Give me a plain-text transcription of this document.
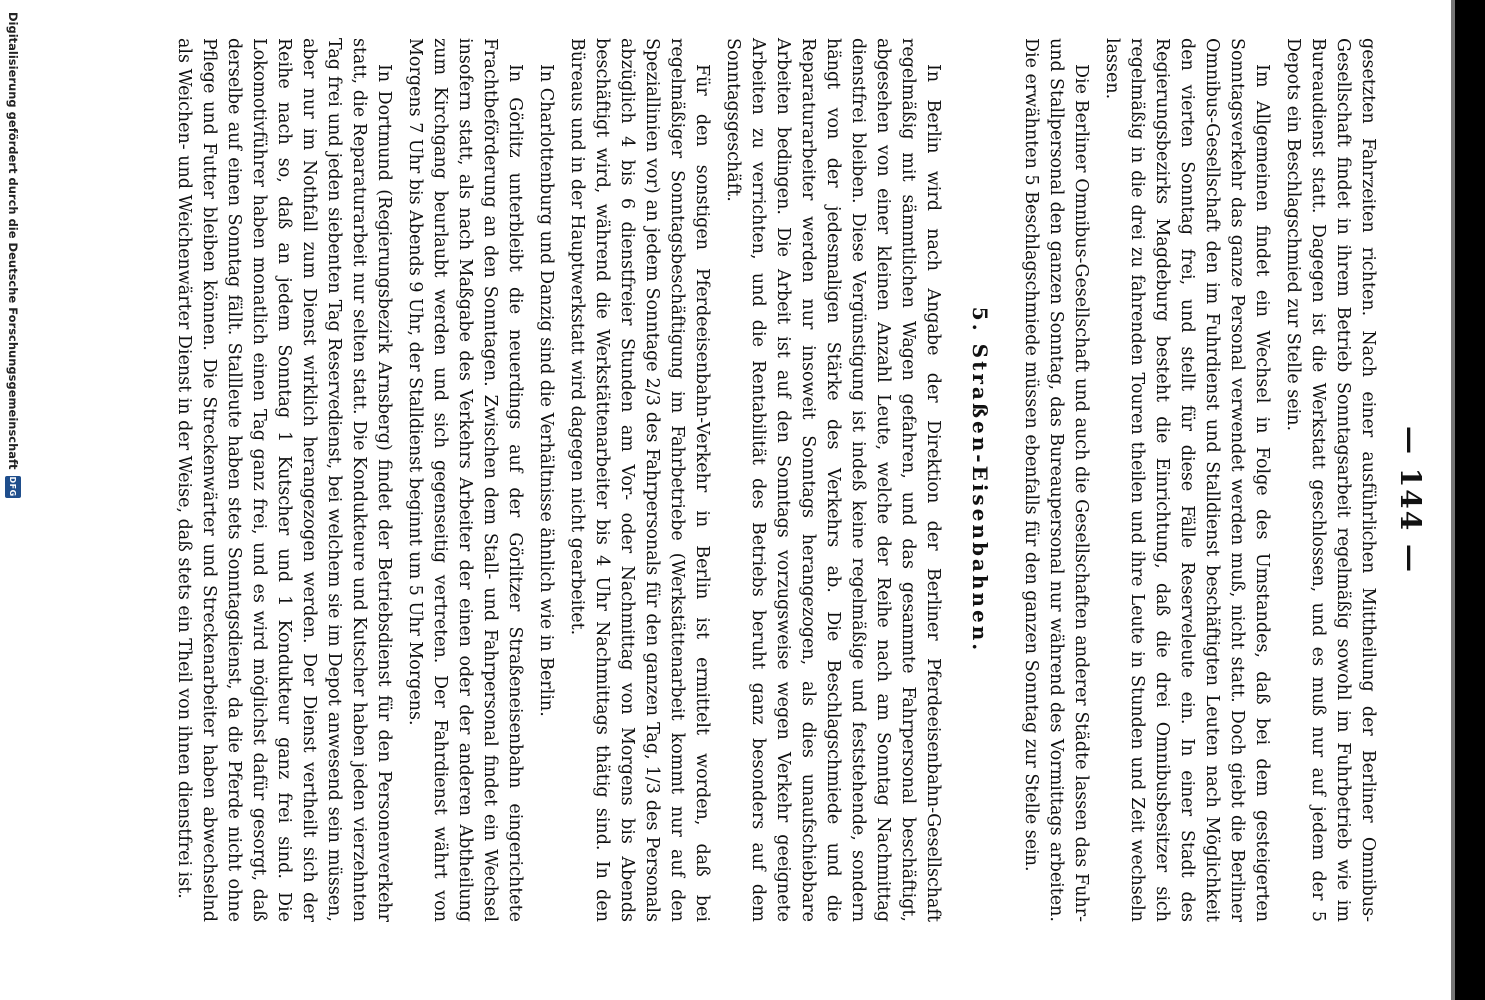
— 144 —

gesetzten Fahrzeiten richten. Nach einer ausführlichen Mittheilung der Berliner Omnibus-Gesellschaft findet in ihrem Betrieb Sonntagsarbeit regelmäßig sowohl im Fuhrbetrieb wie im Bureaudienst statt. Dagegen ist die Werkstatt geschlossen, und es muß nur auf jedem der 5 Depots ein Beschlagschmied zur Stelle sein.

Im Allgemeinen findet ein Wechsel in Folge des Umstandes, daß bei dem gesteigerten Sonntagsverkehr das ganze Personal verwendet werden muß, nicht statt. Doch giebt die Berliner Omnibus-Gesellschaft den im Fuhrdienst und Stalldienst beschäftigten Leuten nach Möglichkeit den vierten Sonntag frei, und stellt für diese Fälle Reserveleute ein. In einer Stadt des Regierungsbezirks Magdeburg besteht die Einrichtung, daß die drei Omnibusbesitzer sich regelmäßig in die drei zu fahrenden Touren theilen und ihre Leute in Stunden und Zeit wechseln lassen.

Die Berliner Omnibus-Gesellschaft und auch die Gesellschaften anderer Städte lassen das Fuhr- und Stallpersonal den ganzen Sonntag, das Bureaupersonal nur während des Vormittags arbeiten. Die erwähnten 5 Beschlagschmiede müssen ebenfalls für den ganzen Sonntag zur Stelle sein.

5. Straßen-Eisenbahnen.

In Berlin wird nach Angabe der Direktion der Berliner Pferdeeisenbahn-Gesellschaft regelmäßig mit sämmtlichen Wagen gefahren, und das gesammte Fahrpersonal beschäftigt, abgesehen von einer kleinen Anzahl Leute, welche der Reihe nach am Sonntag Nachmittag dienstfrei bleiben. Diese Vergünstigung ist indeß keine regelmäßige und feststehende, sondern hängt von der jedesmaligen Stärke des Verkehrs ab. Die Beschlagschmiede und die Reparaturarbeiter werden nur insoweit Sonntags herangezogen, als dies unaufschiebbare Arbeiten bedingen. Die Arbeit ist auf den Sonntags vorzugsweise wegen Verkehr geeignete Arbeiten zu verrichten, und die Rentabilität des Betriebs beruht ganz besonders auf dem Sonntagsgeschäft.

Für den sonstigen Pferdeeisenbahn-Verkehr in Berlin ist ermittelt worden, daß bei regelmäßiger Sonntagsbeschäftigung im Fahrbetriebe (Werkstättenarbeit kommt nur auf den Speziallinien vor) an jedem Sonntage 2/3 des Fahrpersonals für den ganzen Tag, 1/3 des Personals abzüglich 4 bis 6 dienstfreier Stunden am Vor- oder Nachmittag von Morgens bis Abends beschäftigt wird, während die Werkstättenarbeiter bis 4 Uhr Nachmittags thätig sind. In den Büreaus und in der Hauptwerkstatt wird dagegen nicht gearbeitet.

In Charlottenburg und Danzig sind die Verhältnisse ähnlich wie in Berlin.

In Görlitz unterbleibt die neuerdings auf der Görlitzer Straßeneisenbahn eingerichtete Frachtbeförderung an den Sonntagen. Zwischen dem Stall- und Fahrpersonal findet ein Wechsel insofern statt, als nach Maßgabe des Verkehrs Arbeiter der einen oder der anderen Abtheilung zum Kirchgang beurlaubt werden und sich gegenseitig vertreten. Der Fahrdienst währt von Morgens 7 Uhr bis Abends 9 Uhr, der Stalldienst beginnt um 5 Uhr Morgens.

In Dortmund (Regierungsbezirk Arnsberg) findet der Betriebsdienst für den Personenverkehr statt, die Reparaturarbeit nur selten statt. Die Kondukteure und Kutscher haben jeden vierzehnten Tag frei und jeden siebenten Tag Reservedienst, bei welchem sie im Depot anwesend sein müssen, aber nur im Nothfall zum Dienst wirklich herangezogen werden. Der Dienst vertheilt sich der Reihe nach so, daß an jedem Sonntag 1 Kutscher und 1 Kondukteur ganz frei sind. Die Lokomotivführer haben monatlich einen Tag ganz frei, und es wird möglichst dafür gesorgt, daß derselbe auf einen Sonntag fällt. Stallleute haben stets Sonntagsdienst, da die Pferde nicht ohne Pflege und Futter bleiben können. Die Streckenwärter und Streckenarbeiter haben abwechselnd als Weichen- und Weichenwärter Dienst in der Weise, daß stets ein Theil von ihnen dienstfrei ist.

Digitalisierung gefördert durch die Deutsche Forschungsgemeinschaft
DFG
